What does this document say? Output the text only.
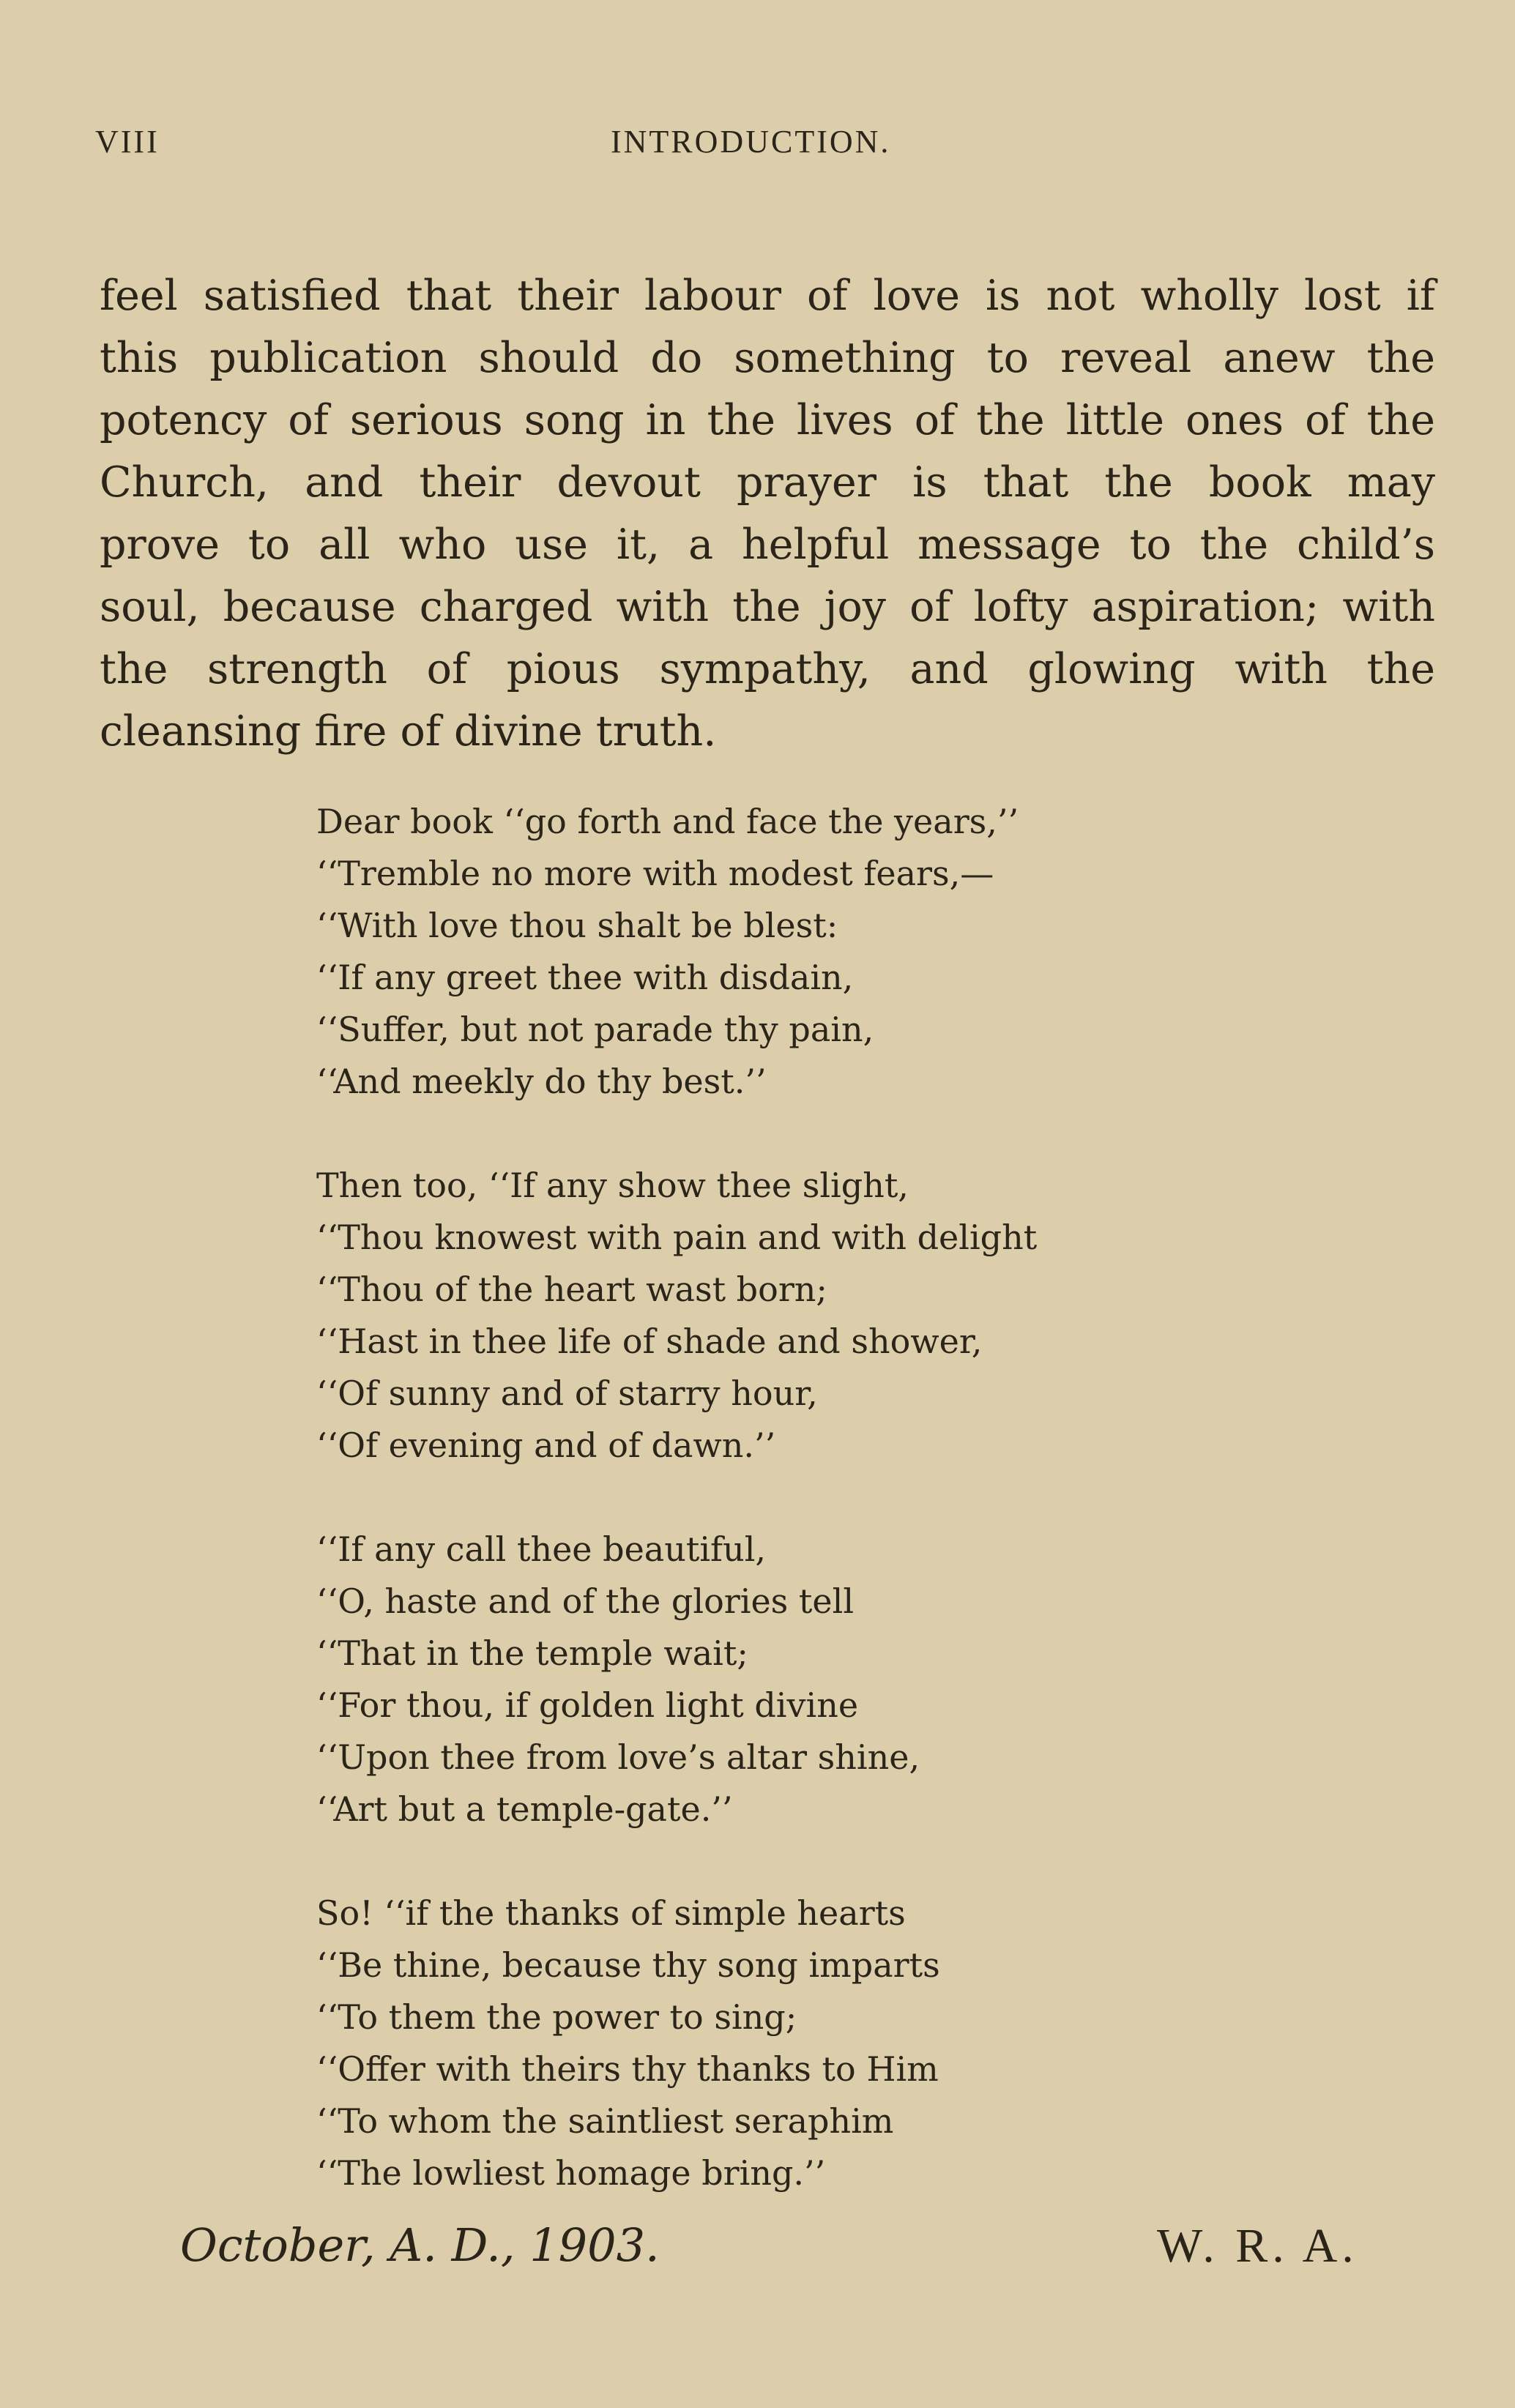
VIII	INTRODUCTION.
feel satisfied that their labour of love is not wholly lost if
this publication should do something to reveal anew the
potency of serious song in the lives of the little ones of the
Church, and their devout prayer is that the book may
prove to all who use it, a helpful message to the child’s
soul, because charged with the joy of lofty aspiration; with
the strength of pious sympathy, and glowing with the
cleansing fire of divine truth.
Dear book ‘‘go forth and face the years,’’
‘‘Tremble no more with modest fears,—
‘‘With love thou shalt be blest:
‘‘If any greet thee with disdain,
‘‘Suffer, but not parade thy pain,
‘‘And meekly do thy best.’’
Then too, ‘‘If any show thee slight,
‘‘Thou knowest with pain and with delight
‘‘Thou of the heart wast born;
‘‘Hast in thee life of shade and shower,
‘‘Of sunny and of starry hour,
‘‘Of evening and of dawn.’’
‘‘If any call thee beautiful,
‘‘O, haste and of the glories tell
‘‘That in the temple wait;
‘‘For thou, if golden light divine
‘‘Upon thee from love’s altar shine,
‘‘Art but a temple-gate.’’
So! ‘‘if the thanks of simple hearts
‘‘Be thine, because thy song imparts
‘‘To them the power to sing;
‘‘Offer with theirs thy thanks to Him
‘‘To whom the saintliest seraphim
‘‘The lowliest homage bring.’’
October, A. D., 1903.	W. R. A.
